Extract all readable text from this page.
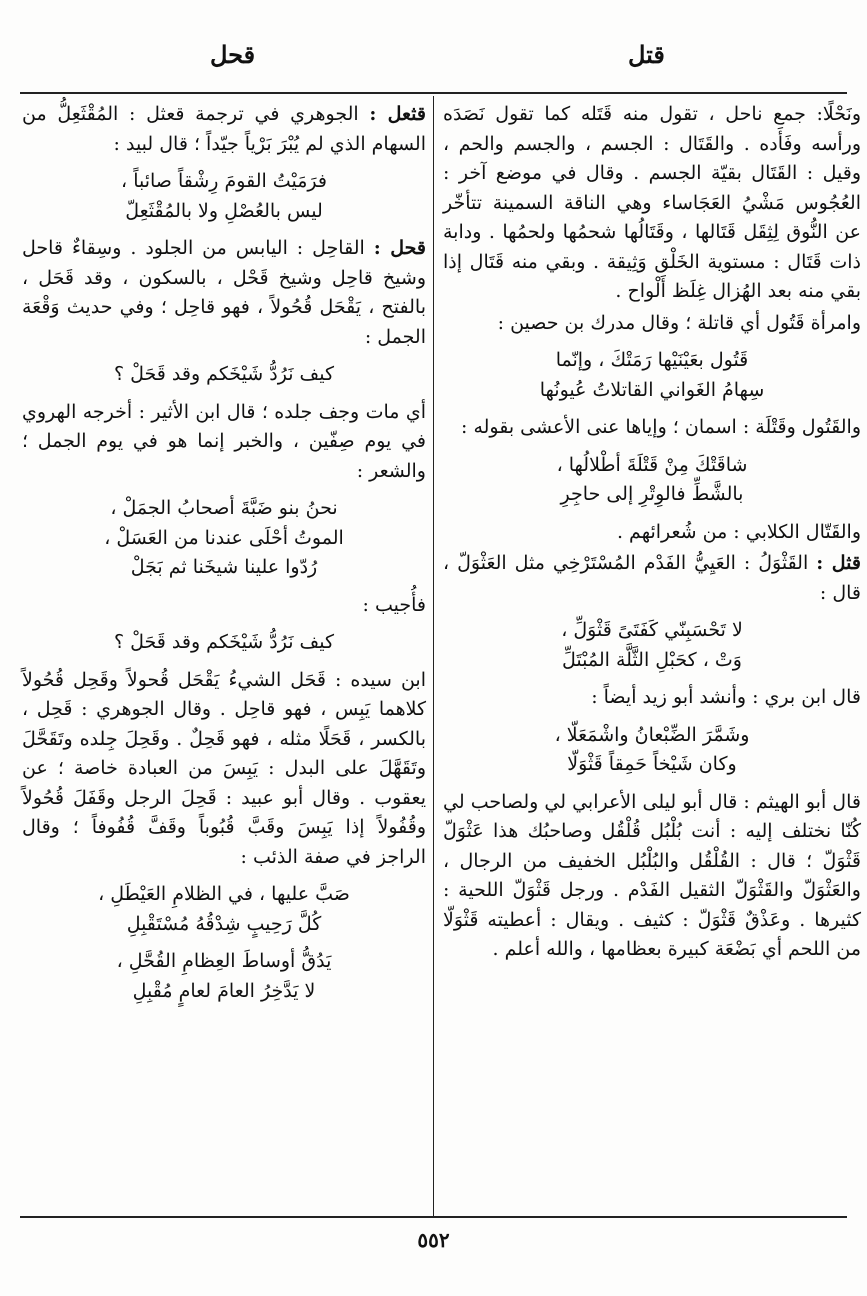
قحل	قتل

ونَحْلًا: جمع ناحل ، تقول منه قَتَله كما تقول نَصَدَه ورأسه وفَأَده . والقَتَال : الجسم ، والجسم والحم ، وقيل : القَتَال بقيّة الجسم . وقال في موضع آخر : العُجُوس مَشْيُ العَجَاساء وهي الناقة السمينة تتأخّر عن النُّوق لِثِقَل قَتَالها ، وقَتَالُها شحمُها ولحمُها . ودابة ذات قَتَال : مستوية الخَلْق وَثِيقة . وبقي منه قَتَال إذا بقي منه بعد الهُزال غِلَظ أَلْواح .

وامرأة قَتُول أي قاتلة ؛ وقال مدرك بن حصين :

قَتُول بعَيْنَيْها رَمَتْكَ ، وإنّما
سِهامُ الغَواني القاتلاتُ عُيونُها

والقَتُول وقَتْلَة : اسمان ؛ وإياها عنى الأعشى بقوله :

شاقَتْكَ مِنْ قَتْلَةَ أطْلالُها ،
بالشَّطِّ فالوِتْرِ إلى حاجِرِ

والقَتّال الكلابي : من شُعرائهم .

قثل : القَثْوَلُ : العَيِيُّ الفَدْم المُسْتَرْخِي مثل العَثْوَلّ ، قال :

لا تَحْسَبِنّي كَفَتَىً قَثْوَلِّ ،
وَتْ ، كحَبْلِ الثَّلَّة المُبْتَلِّ

قال ابن بري : وأنشد أبو زيد أيضاً :

وشَمَّرَ الضِّبْعانُ واشْمَعَلّا ،
وكان شَيْخاً حَمِقاً قَثْوَلّا

قال أبو الهيثم : قال أبو ليلى الأعرابي لي ولصاحب لي كُنّا نختلف إليه : أنت بُلْبُل قُلْقُل وصاحبُك هذا عَثْوَلّ قَثْوَلّ ؛ قال : القُلْقُل والبُلْبُل الخفيف من الرجال ، والعَثْوَلّ والقَثْوَلّ الثقيل الفَدْم . ورجل قَثْوَلّ اللحية : كثيرها . وعَذْقٌ قَثْوَلّ : كثيف . ويقال : أعطيته قَثْوَلّا من اللحم أي بَضْعَة كبيرة بعظامها ، والله أعلم .

قثعل : الجوهري في ترجمة قعثل : المُقْثَعِلُّ من السهام الذي لم يُبْرَ بَرْياً جيّداً ؛ قال لبيد :

فرَمَيْتُ القومَ رِشْقاً صائباً ،
ليس بالعُصْلِ ولا بالمُقْثَعِلّ

قحل : القاحِل : اليابس من الجلود . وسِقاءٌ قاحل وشيخ قاحِل وشيخ قَحْل ، بالسكون ، وقد قَحَل ، بالفتح ، يَقْحَل قُحُولاً ، فهو قاحِل ؛ وفي حديث وَقْعَة الجمل :

كيف نَرُدُّ شَيْخَكم وقد قَحَلْ ؟

أي مات وجف جلده ؛ قال ابن الأثير : أخرجه الهروي في يوم صِفّين ، والخبر إنما هو في يوم الجمل ؛ والشعر :

نحنُ بنو ضَبَّةَ أصحابُ الجمَلْ ،
الموتُ أحْلَى عندنا من العَسَلْ ،
رُدّوا علينا شيخَنا ثم بَجَلْ

فأُجيب :

كيف نَرُدُّ شَيْخَكم وقد قَحَلْ ؟

ابن سيده : قَحَل الشيءُ يَقْحَل قُحولاً وقَحِل قُحُولاً كلاهما يَبِس ، فهو قاحِل . وقال الجوهري : قَحِل ، بالكسر ، قَحَلًا مثله ، فهو قَحِلٌ . وقَحِلَ جِلده وتَقَحَّلَ وتَقَهَّلَ على البدل : يَبِسَ من العبادة خاصة ؛ عن يعقوب . وقال أبو عبيد : قَحِلَ الرجل وقَفَلَ قُحُولاً وقُفُولاً إذا يَبِسَ وقَبَّ قُبُوباً وقَفَّ قُفُوفاً ؛ وقال الراجز في صفة الذئب :

صَبَّ عليها ، في الظلامِ العَيْطَلِ ،
كُلَّ رَحِيبٍ شِدْقُهُ مُسْتَقْبِلِ
يَدُقُّ أوساطَ العِظامِ القُحَّلِ ،
لا يَدَّخِرُ العامَ لعامٍ مُقْبِلِ
٥٥٢
